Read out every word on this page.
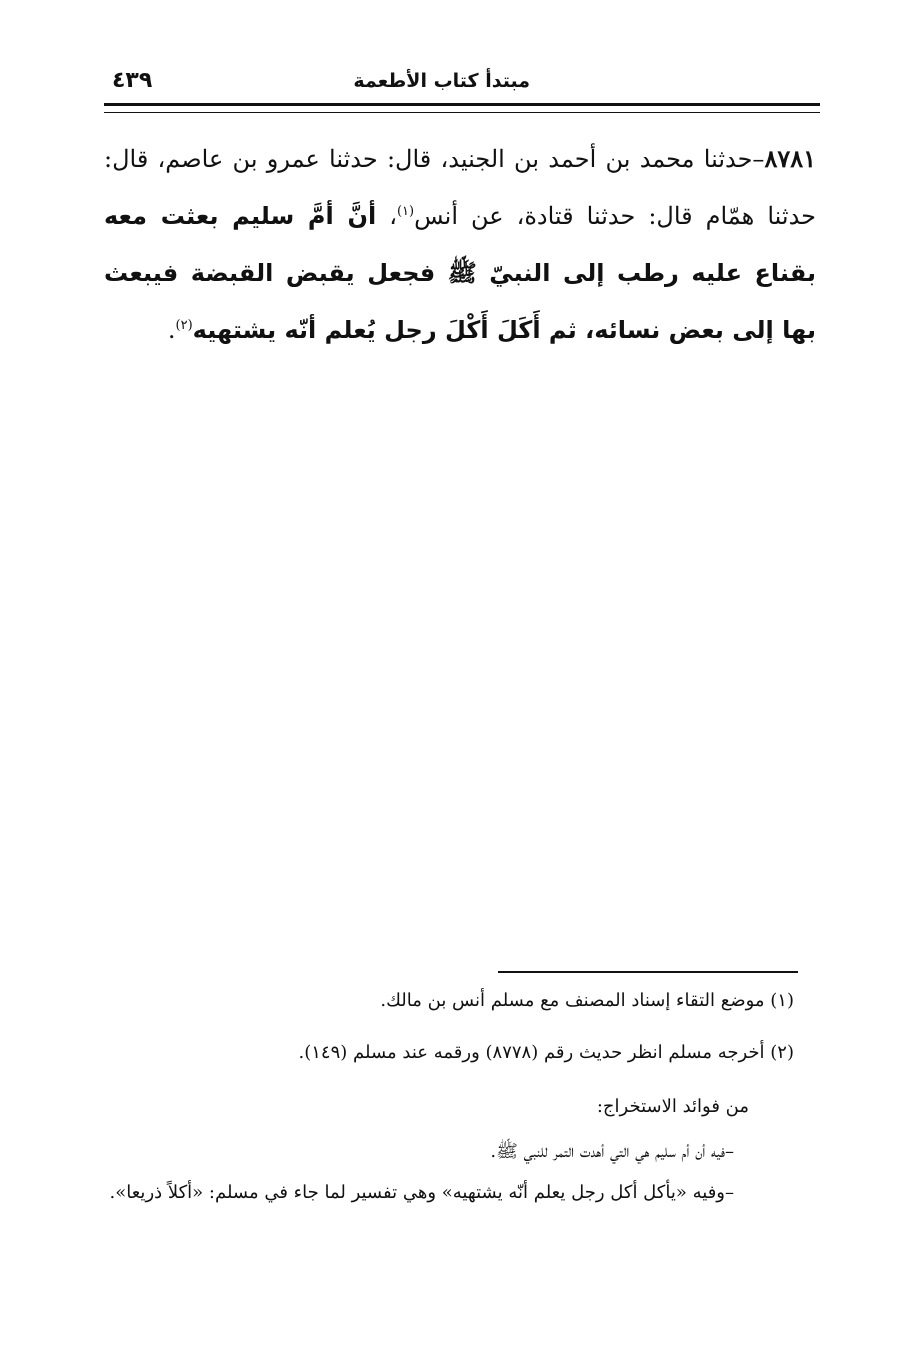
مبتدأ كتاب الأطعمة
٤٣٩
٨٧٨١–حدثنا محمد بن أحمد بن الجنيد، قال: حدثنا عمرو بن عاصم، قال: حدثنا همّام قال: حدثنا قتادة، عن أنس$^{(١)}$، أنَّ أمَّ سليم بعثت معه بقناع عليه رطب إلى النبيّ ﷺ فجعل يقبض القبضة فيبعث بها إلى بعض نسائه، ثم أَكَلَ أَكْلَ رجل يُعلم أنّه يشتهيه$^{(٢)}$.
(١) موضع التقاء إسناد المصنف مع مسلم أنس بن مالك.
(٢) أخرجه مسلم انظر حديث رقم (٨٧٧٨) ورقمه عند مسلم (١٤٩).
من فوائد الاستخراج:
–فيه أن أم سليم هي التي أهدت التمر للنبي ﷺ.
–وفيه «يأكل أكل رجل يعلم أنّه يشتهيه» وهي تفسير لما جاء في مسلم: «أكلاً ذريعا».
